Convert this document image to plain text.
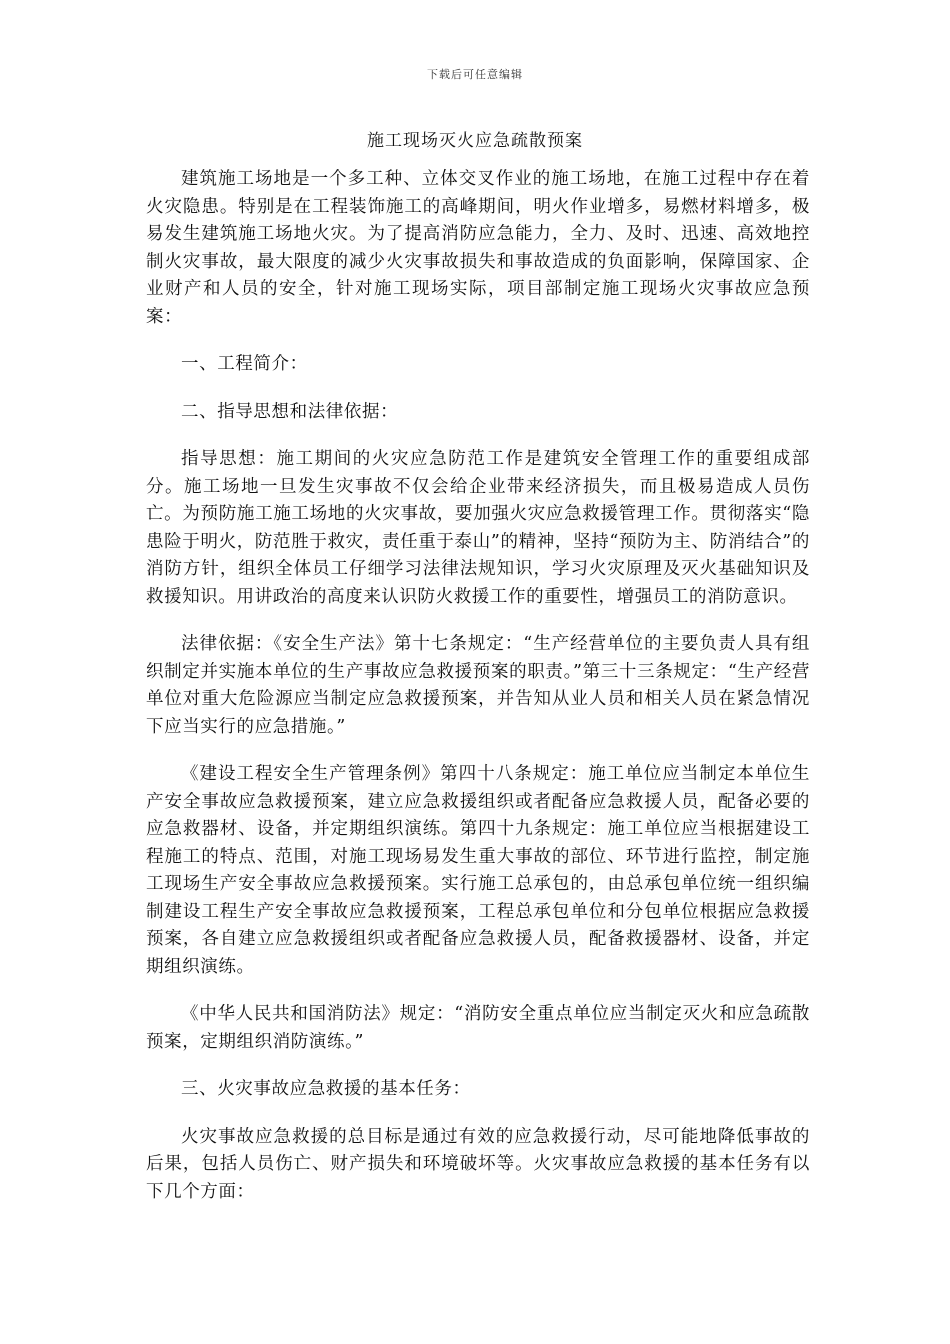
下载后可任意编辑
施工现场灭火应急疏散预案

建筑施工场地是一个多工种、立体交叉作业的施工场地，在施工过程中存在着火灾隐患。特别是在工程装饰施工的高峰期间，明火作业增多，易燃材料增多，极易发生建筑施工场地火灾。为了提高消防应急能力，全力、及时、迅速、高效地控制火灾事故，最大限度的减少火灾事故损失和事故造成的负面影响，保障国家、企业财产和人员的安全，针对施工现场实际，项目部制定施工现场火灾事故应急预案：

一、工程简介：

二、指导思想和法律依据：

指导思想：施工期间的火灾应急防范工作是建筑安全管理工作的重要组成部分。施工场地一旦发生灾事故不仅会给企业带来经济损失，而且极易造成人员伤亡。为预防施工施工场地的火灾事故，要加强火灾应急救援管理工作。贯彻落实“隐患险于明火，防范胜于救灾，责任重于泰山”的精神，坚持“预防为主、防消结合”的消防方针，组织全体员工仔细学习法律法规知识，学习火灾原理及灭火基础知识及救援知识。用讲政治的高度来认识防火救援工作的重要性，增强员工的消防意识。

法律依据：《安全生产法》第十七条规定：“生产经营单位的主要负责人具有组织制定并实施本单位的生产事故应急救援预案的职责。”第三十三条规定：“生产经营单位对重大危险源应当制定应急救援预案，并告知从业人员和相关人员在紧急情况下应当实行的应急措施。”

《建设工程安全生产管理条例》第四十八条规定：施工单位应当制定本单位生产安全事故应急救援预案，建立应急救援组织或者配备应急救援人员，配备必要的应急救器材、设备，并定期组织演练。第四十九条规定：施工单位应当根据建设工程施工的特点、范围，对施工现场易发生重大事故的部位、环节进行监控，制定施工现场生产安全事故应急救援预案。实行施工总承包的，由总承包单位统一组织编制建设工程生产安全事故应急救援预案，工程总承包单位和分包单位根据应急救援预案，各自建立应急救援组织或者配备应急救援人员，配备救援器材、设备，并定期组织演练。

《中华人民共和国消防法》规定：“消防安全重点单位应当制定灭火和应急疏散预案，定期组织消防演练。”

三、火灾事故应急救援的基本任务：

火灾事故应急救援的总目标是通过有效的应急救援行动，尽可能地降低事故的后果，包括人员伤亡、财产损失和环境破坏等。火灾事故应急救援的基本任务有以下几个方面：
